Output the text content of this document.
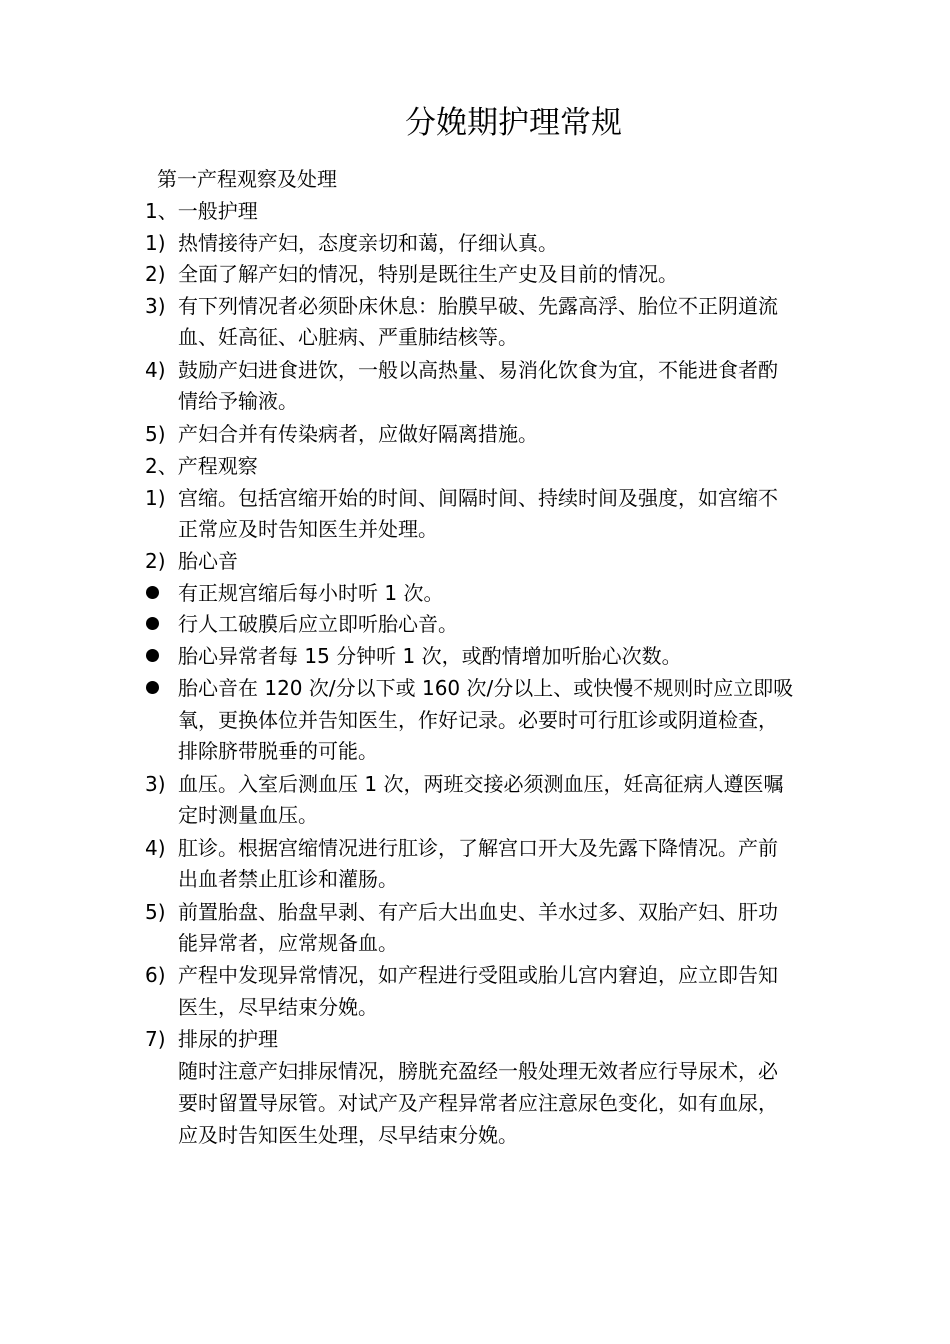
分娩期护理常规
第一产程观察及处理
1、一般护理
1) 热情接待产妇，态度亲切和蔼，仔细认真。
2) 全面了解产妇的情况，特别是既往生产史及目前的情况。
3) 有下列情况者必须卧床休息：胎膜早破、先露高浮、胎位不正阴道流
血、妊高征、心脏病、严重肺结核等。
4) 鼓励产妇进食进饮，一般以高热量、易消化饮食为宜，不能进食者酌
情给予输液。
5) 产妇合并有传染病者，应做好隔离措施。
2、产程观察
1) 宫缩。包括宫缩开始的时间、间隔时间、持续时间及强度，如宫缩不
正常应及时告知医生并处理。
2) 胎心音
有正规宫缩后每小时听 1 次。
行人工破膜后应立即听胎心音。
胎心异常者每 15 分钟听 1 次，或酌情增加听胎心次数。
胎心音在 120 次/分以下或 160 次/分以上、或快慢不规则时应立即吸
氧，更换体位并告知医生，作好记录。必要时可行肛诊或阴道检查，
排除脐带脱垂的可能。
3) 血压。入室后测血压 1 次，两班交接必须测血压，妊高征病人遵医嘱
定时测量血压。
4) 肛诊。根据宫缩情况进行肛诊，了解宫口开大及先露下降情况。产前
出血者禁止肛诊和灌肠。
5) 前置胎盘、胎盘早剥、有产后大出血史、羊水过多、双胎产妇、肝功
能异常者，应常规备血。
6) 产程中发现异常情况，如产程进行受阻或胎儿宫内窘迫，应立即告知
医生，尽早结束分娩。
7) 排尿的护理
随时注意产妇排尿情况，膀胱充盈经一般处理无效者应行导尿术，必
要时留置导尿管。对试产及产程异常者应注意尿色变化，如有血尿，
应及时告知医生处理，尽早结束分娩。
